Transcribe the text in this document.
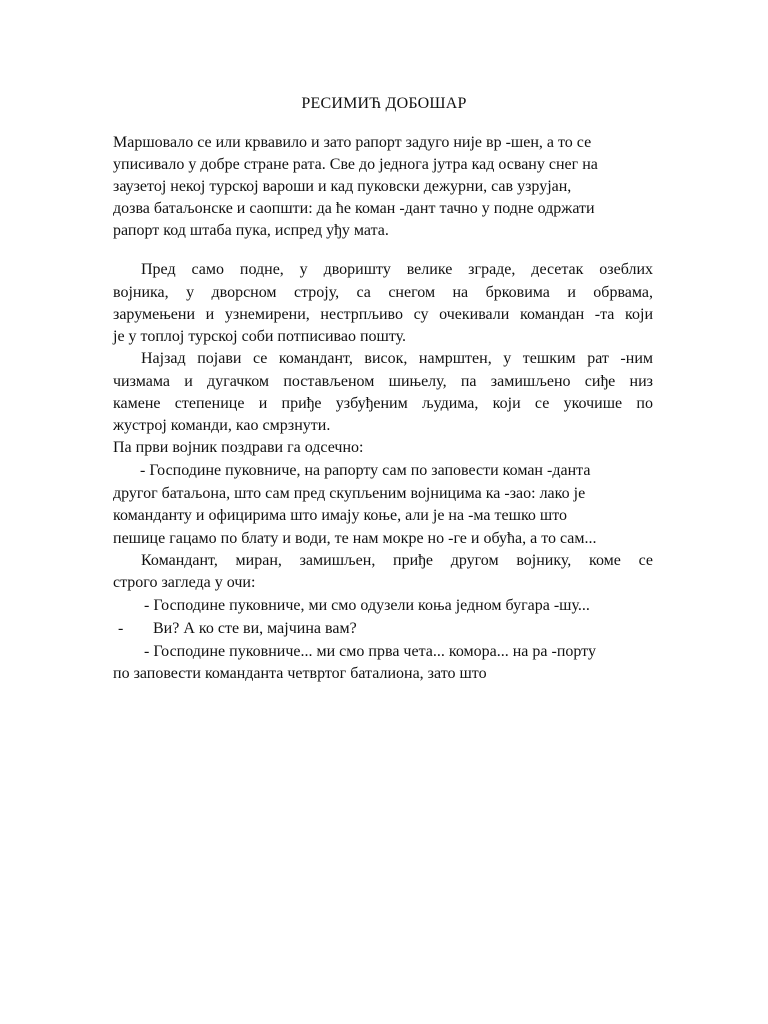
РЕСИМИЋ ДОБОШАР
Маршовало се или крвавило и зато рапорт задуго није вр -шен, а то се
уписивало у добре стране рата. Све до једнога јутра кад освану снег на
заузетој некој турској вароши и кад пуковски дежурни, сав узрујан,
дозва батаљонске и саопшти: да ће коман -дант тачно у подне одржати
рапорт код штаба пука, испред уђу мата.
Пред само подне, у дворишту велике зграде, десетак озеблих
војника, у дворсном строју, са снегом на брковима и обрвама,
зарумењени и узнемирени, нестрпљиво су очекивали командан -та који
је у топлој турској соби потписивао пошту.
Најзад појави се командант, висок, намрштен, у тешким рат -ним
чизмама и дугачком постављеном шињелу, па замишљено сиђе низ
камене степенице и приђе узбуђеним људима, који се укочише по
жустрој команди, као смрзнути.
Па први војник поздрави га одсечно:
- Господине пуковниче, на рапорту сам по заповести коман -данта
другог батаљона, што сам пред скупљеним војницима ка -зао: лако је
команданту и официрима што имају коње, али је на -ма тешко што
пешице гацамо по блату и води, те нам мокре но -ге и обућа, а то сам...
Командант, миран, замишљен, приђе другом војнику, коме се
строго загледа у очи:
- Господине пуковниче, ми смо одузели коња једном бугара -шу...
- Ви? А ко сте ви, мајчина вам?
- Господине пуковниче... ми смо прва чета... комора... на ра -порту
по заповести команданта четвртог баталиона, зато што
